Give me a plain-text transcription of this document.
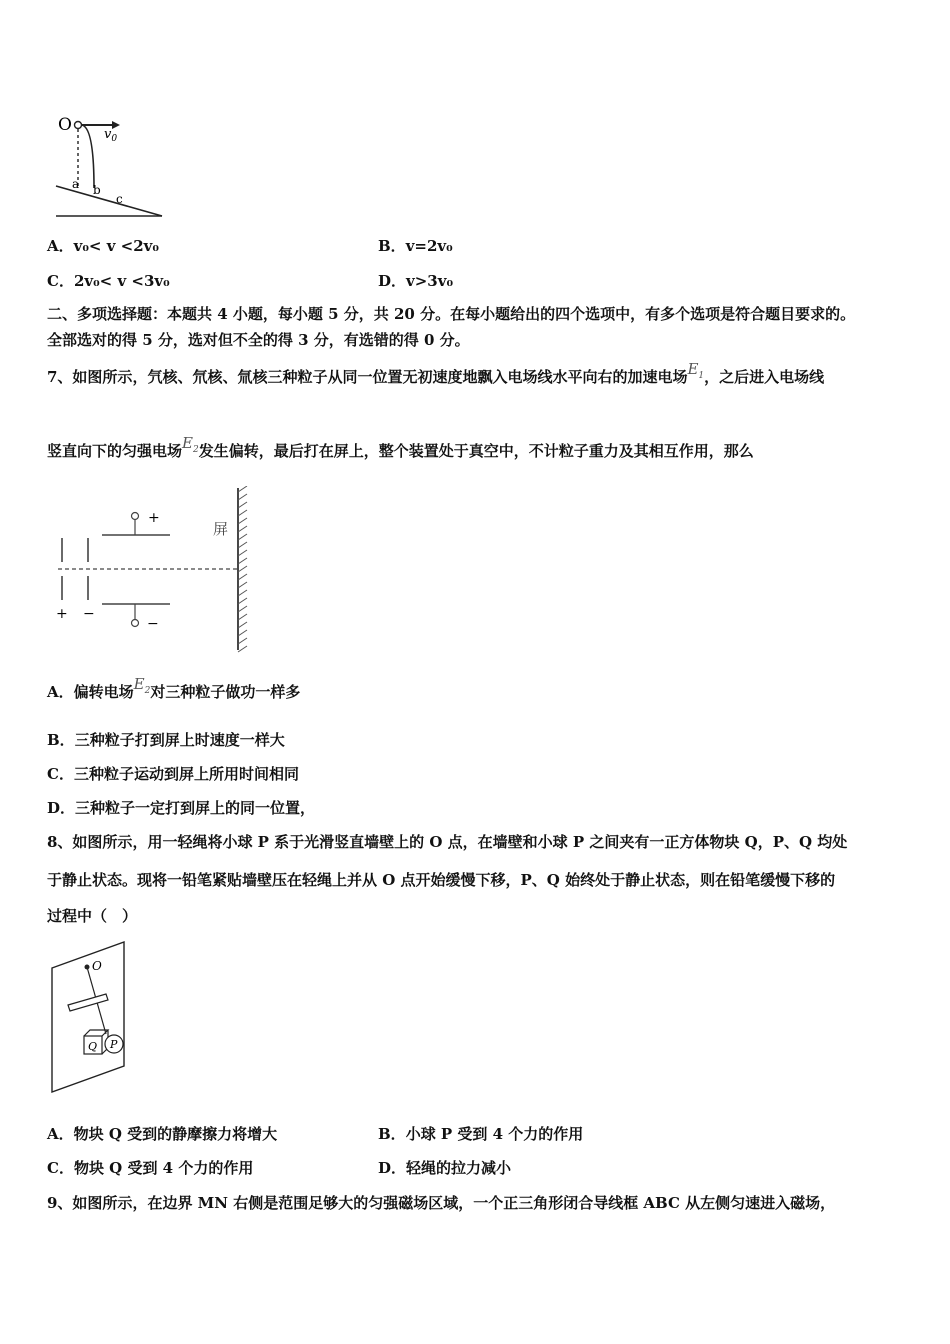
O $v_0$
a b
c
A．v₀< v <2v₀	B．v=2v₀
C．2v₀< v <3v₀	D．v>3v₀
二、多项选择题：本题共 4 小题，每小题 5 分，共 20 分。在每小题给出的四个选项中，有多个选项是符合题目要求的。
全部选对的得 5 分，选对但不全的得 3 分，有选错的得 0 分。
7、如图所示，氕核、氘核、氚核三种粒子从同一位置无初速度地飘入电场线水平向右的加速电场$E_1$，之后进入电场线
竖直向下的匀强电场$E_2$发生偏转，最后打在屏上，整个装置处于真空中，不计粒子重力及其相互作用，那么
+ −
+
−
屏
A．偏转电场$E_2$对三种粒子做功一样多
B．三种粒子打到屏上时速度一样大
C．三种粒子运动到屏上所用时间相同
D．三种粒子一定打到屏上的同一位置，
8、如图所示，用一轻绳将小球 P 系于光滑竖直墙壁上的 O 点，在墙壁和小球 P 之间夹有一正方体物块 Q，P、Q 均处
于静止状态。现将一铅笔紧贴墙壁压在轻绳上并从 O 点开始缓慢下移，P、Q 始终处于静止状态，则在铅笔缓慢下移的
过程中（　）
O
Q P
A．物块 Q 受到的静摩擦力将增大	B．小球 P 受到 4 个力的作用
C．物块 Q 受到 4 个力的作用	D．轻绳的拉力减小
9、如图所示，在边界 MN 右侧是范围足够大的匀强磁场区域，一个正三角形闭合导线框 ABC 从左侧匀速进入磁场，
